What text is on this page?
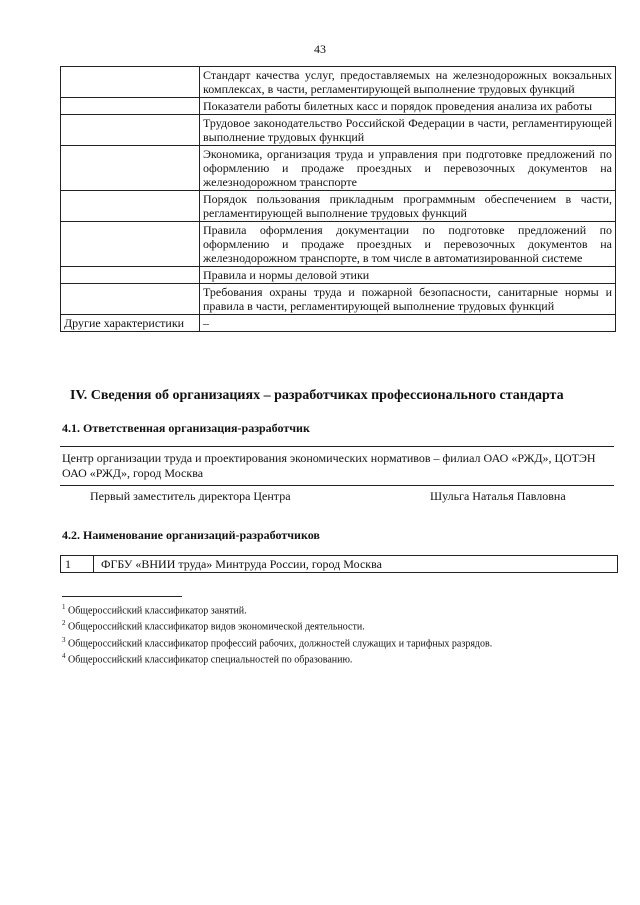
43
	Стандарт качества услуг, предоставляемых на железнодорожных вокзальных комплексах, в части, регламентирующей выполнение трудовых функций
	Показатели работы билетных касс и порядок проведения анализа их работы
	Трудовое законодательство Российской Федерации в части, регламентирующей выполнение трудовых функций
	Экономика, организация труда и управления при подготовке предложений по оформлению и продаже проездных и перевозочных документов на железнодорожном транспорте
	Порядок пользования прикладным программным обеспечением в части, регламентирующей выполнение трудовых функций
	Правила оформления документации по подготовке предложений по оформлению и продаже проездных и перевозочных документов на железнодорожном транспорте, в том числе в автоматизированной системе
	Правила и нормы деловой этики
	Требования охраны труда и пожарной безопасности, санитарные нормы и правила в части, регламентирующей выполнение трудовых функций
Другие характеристики	–
IV. Сведения об организациях – разработчиках профессионального стандарта
4.1. Ответственная организация-разработчик
Центр организации труда и проектирования экономических нормативов – филиал ОАО «РЖД», ЦОТЭН ОАО «РЖД», город Москва
Первый заместитель директора Центра	Шульга Наталья Павловна
4.2. Наименование организаций-разработчиков
1	ФГБУ «ВНИИ труда» Минтруда России, город Москва
$^1$ Общероссийский классификатор занятий.
$^2$ Общероссийский классификатор видов экономической деятельности.
$^3$ Общероссийский классификатор профессий рабочих, должностей служащих и тарифных разрядов.
$^4$ Общероссийский классификатор специальностей по образованию.
